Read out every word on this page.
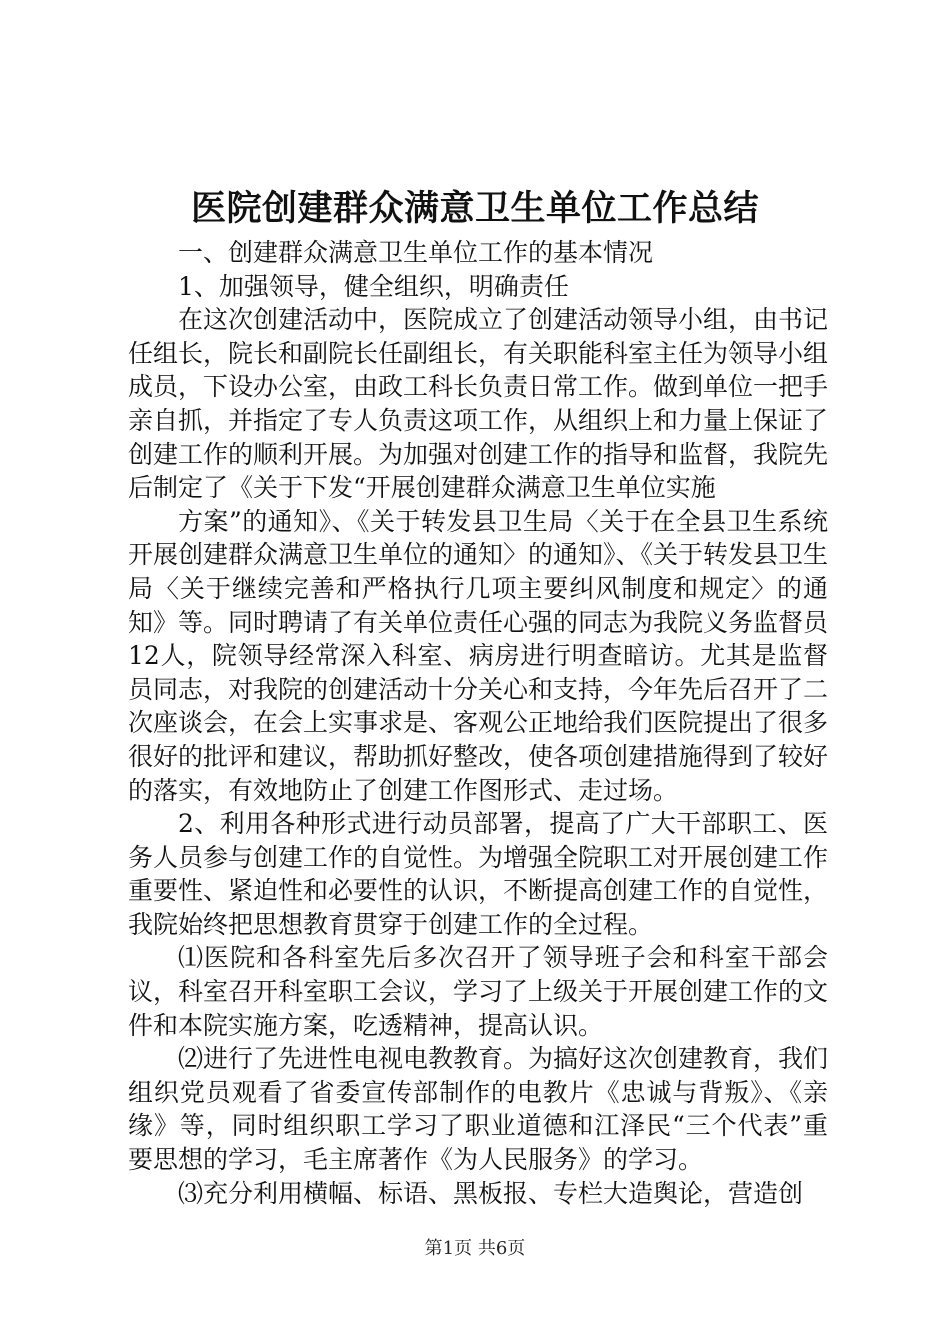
医院创建群众满意卫生单位工作总结

一、创建群众满意卫生单位工作的基本情况

1、加强领导，健全组织，明确责任

在这次创建活动中，医院成立了创建活动领导小组，由书记任组长，院长和副院长任副组长，有关职能科室主任为领导小组成员，下设办公室，由政工科长负责日常工作。做到单位一把手亲自抓，并指定了专人负责这项工作，从组织上和力量上保证了创建工作的顺利开展。为加强对创建工作的指导和监督，我院先后制定了《关于下发“开展创建群众满意卫生单位实施

方案”的通知》、《关于转发县卫生局〈关于在全县卫生系统开展创建群众满意卫生单位的通知〉的通知》、《关于转发县卫生局〈关于继续完善和严格执行几项主要纠风制度和规定〉的通知》等。同时聘请了有关单位责任心强的同志为我院义务监督员12人，院领导经常深入科室、病房进行明查暗访。尤其是监督员同志，对我院的创建活动十分关心和支持，今年先后召开了二次座谈会，在会上实事求是、客观公正地给我们医院提出了很多很好的批评和建议，帮助抓好整改，使各项创建措施得到了较好的落实，有效地防止了创建工作图形式、走过场。

2、利用各种形式进行动员部署，提高了广大干部职工、医务人员参与创建工作的自觉性。为增强全院职工对开展创建工作重要性、紧迫性和必要性的认识，不断提高创建工作的自觉性，我院始终把思想教育贯穿于创建工作的全过程。

⑴医院和各科室先后多次召开了领导班子会和科室干部会议，科室召开科室职工会议，学习了上级关于开展创建工作的文件和本院实施方案，吃透精神，提高认识。

⑵进行了先进性电视电教教育。为搞好这次创建教育，我们组织党员观看了省委宣传部制作的电教片《忠诚与背叛》、《亲缘》等，同时组织职工学习了职业道德和江泽民“三个代表”重要思想的学习，毛主席著作《为人民服务》的学习。

⑶充分利用横幅、标语、黑板报、专栏大造舆论，营造创

第1页 共6页
